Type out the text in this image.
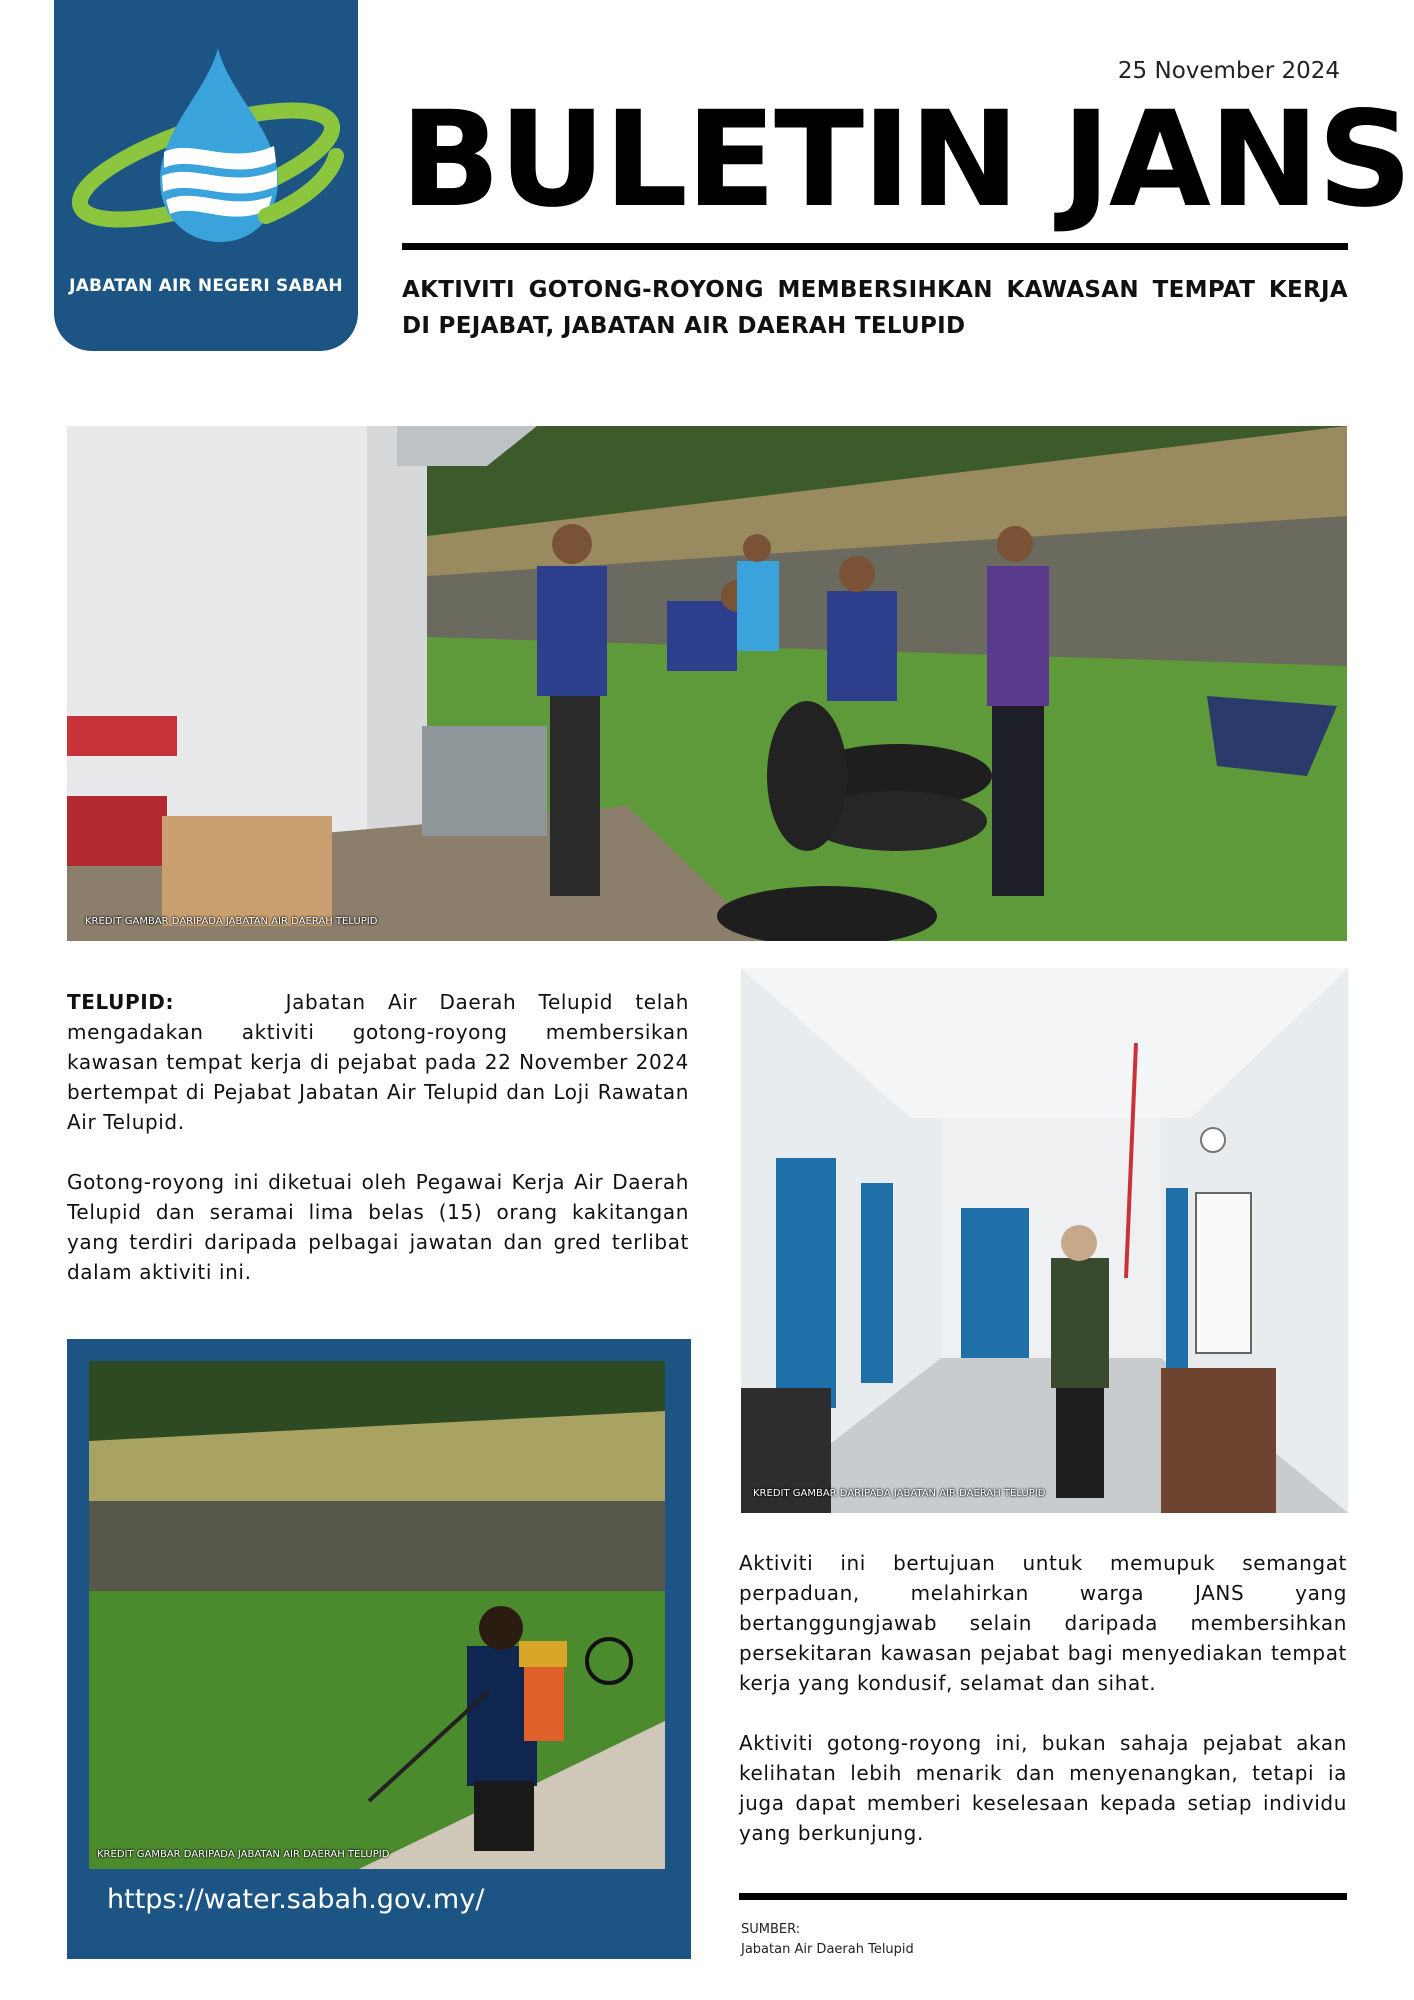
JABATAN AIR NEGERI SABAH
25 November 2024
BULETIN JANS
AKTIVITI GOTONG-ROYONG MEMBERSIHKAN KAWASAN TEMPAT KERJA DI PEJABAT, JABATAN AIR DAERAH TELUPID
KREDIT GAMBAR DARIPADA JABATAN AIR DAERAH TELUPID

TELUPID:	Jabatan Air Daerah Telupid telah mengadakan aktiviti gotong-royong membersikan kawasan tempat kerja di pejabat pada 22 November 2024 bertempat di Pejabat Jabatan Air Telupid dan Loji Rawatan Air Telupid.

Gotong-royong ini diketuai oleh Pegawai Kerja Air Daerah Telupid dan seramai lima belas (15) orang kakitangan yang terdiri daripada pelbagai jawatan dan gred terlibat dalam aktiviti ini.

KREDIT GAMBAR DARIPADA JABATAN AIR DAERAH TELUPID
KREDIT GAMBAR DARIPADA JABATAN AIR DAERAH TELUPID
https://water.sabah.gov.my/

Aktiviti ini bertujuan untuk memupuk semangat perpaduan, melahirkan warga JANS yang bertanggungjawab selain daripada membersihkan persekitaran kawasan pejabat bagi menyediakan tempat kerja yang kondusif, selamat dan sihat.

Aktiviti gotong-royong ini, bukan sahaja pejabat akan kelihatan lebih menarik dan menyenangkan, tetapi ia juga dapat memberi keselesaan kepada setiap individu yang berkunjung.

SUMBER:
Jabatan Air Daerah Telupid
